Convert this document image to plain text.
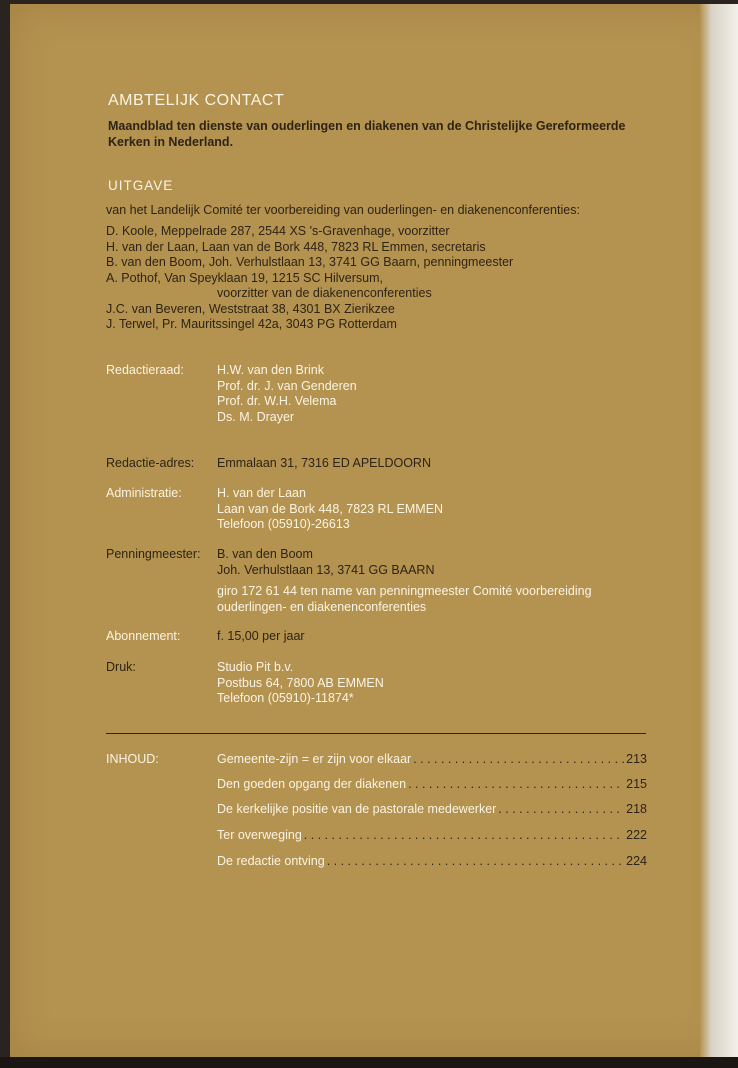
AMBTELIJK CONTACT
Maandblad ten dienste van ouderlingen en diakenen van de Christelijke Gereformeerde
Kerken in Nederland.
UITGAVE
van het Landelijk Comité ter voorbereiding van ouderlingen- en diakenenconferenties:
D. Koole, Meppelrade 287, 2544 XS 's-Gravenhage, voorzitter
H. van der Laan, Laan van de Bork 448, 7823 RL Emmen, secretaris
B. van den Boom, Joh. Verhulstlaan 13, 3741 GG Baarn, penningmeester
A. Pothof, Van Speyklaan 19, 1215 SC Hilversum,
voorzitter van de diakenenconferenties
J.C. van Beveren, Weststraat 38, 4301 BX Zierikzee
J. Terwel, Pr. Mauritssingel 42a, 3043 PG Rotterdam
Redactieraad:	H.W. van den Brink
Prof. dr. J. van Genderen
Prof. dr. W.H. Velema
Ds. M. Drayer
Redactie-adres: Emmalaan 31, 7316 ED APELDOORN
Administratie:	H. van der Laan
Laan van de Bork 448, 7823 RL EMMEN
Telefoon (05910)-26613
Penningmeester: B. van den Boom
Joh. Verhulstlaan 13, 3741 GG BAARN
giro 172 61 44 ten name van penningmeester Comité voorbereiding
ouderlingen- en diakenenconferenties
Abonnement:	f. 15,00 per jaar
Druk:	Studio Pit b.v.
Postbus 64, 7800 AB EMMEN
Telefoon (05910)-11874*
INHOUD:	Gemeente-zijn = er zijn voor elkaar . . .	213
Den goeden opgang der diakenen . . .	215
De kerkelijke positie van de pastorale medewerker . . .	218
Ter overweging . . .	222
De redactie ontving . . .	224
